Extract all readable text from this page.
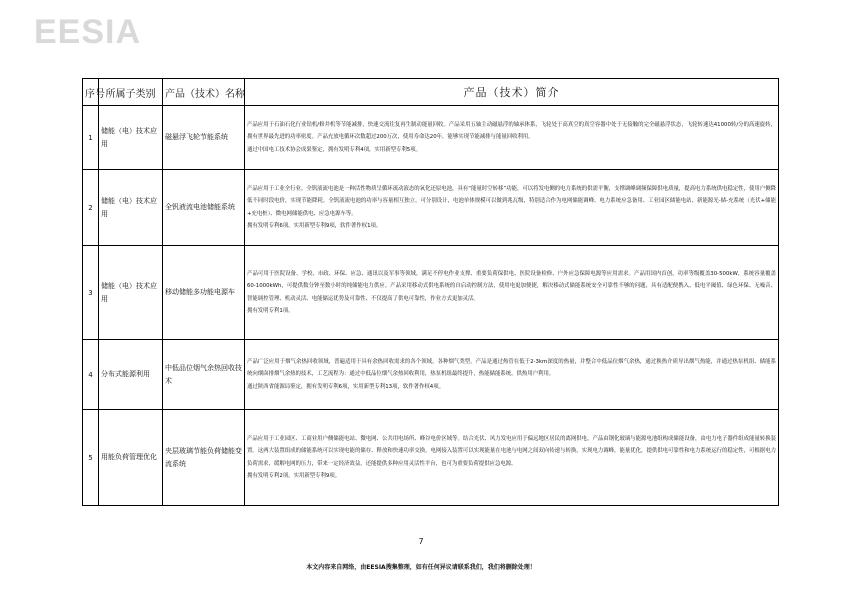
EESIA
序号	所属子类别	产品（技术）名称	产品（技术）简介
1	储能（电）技术应用	磁悬浮飞轮节能系统	产品应用于石油石化行业钻机/修井机等节能减排，快速交流往复再生制动能量回收。产品采用五轴主动磁悬浮的轴承体系，飞轮处于高真空的真空容器中处于无接触的完全磁悬浮状态，飞轮转速达41000转/分的高速旋转，拥有世界最先进的功率密度。产品充放电循环次数超过200万次，使用寿命达20年，能够实现节能减排与能量回收利用。

通过中国电工技术协会成果鉴定，拥有发明专利4项，实用新型专利5项。

2	储能（电）技术应用	全钒液流电池储能系统	产品应用于工业全行业。全钒液流电池是一种活性物质呈循环流动液态的氧化还原电池，具有“能量时空转移”功能，可以将发电侧的电力系统的供需平衡，支撑调峰调频保障供电质量，提高电力系统供电稳定性，使用户侧降低不同时段电价，实现节能降耗。全钒液流电池的功率与容量相互独立，可分别设计，电池单体规模可以做到兆瓦级，特别适合作为电网储能调峰、电力系统应急备用、工业园区储能电站、新能源光-储-充系统（光伏+储能+充电桩）、微电网储能供电、应急电源车等。

拥有发明专利6项，实用新型专利9项，软件著作权1项。

3	储能（电）技术应用	移动储能多功能电源车	产品可用于医院设备、学校、市政、环保、应急、通讯以及军事等领域，满足不停电作业支撑、重要负荷保供电、医院设备检修、户外应急保障电源等应用需求。产品用国内首创，功率等级覆盖30-500kW，系统容量覆盖60-1000kWh，可提供数分钟至数小时的纯储能电力供应。产品采用移动式供电系统的自启动控制方法，使用电更加便捷，解决移动式储能系统安全可靠性不够的问题，具有适配便携入、低电平阈值、绿色环保、无噪音、智能调控管理、机动灵活、电能储运优势及可靠性、不仅提高了供电可靠性，作业方式更加灵活。

拥有发明专利1项。

4	分布式能源利用	中低品位烟气余热回收技术	产品广泛应用于烟气余热回收领域，普遍适用于具有余热回收需求的各个领域，各种烟气类型。产品是通过热管在低于2-3km深度的热量，并整合中低品位烟气余热，通过换热介质导出烟气热能，并通过热泵机组、储能系统向烟囱排烟气余热的技术，工艺流程为：通过中低品位烟气余热回收利用，热泵机组最终提升，热能储能系统，供热用户利用。

通过陕西省能源局鉴定，拥有发明专利6项，实用新型专利13项，软件著作权4项。

5	用能负荷管理优化	夹层玻璃节能负荷储能变流系统	产品应用于工业园区、工商业用户侧储能电站、微电网、公共用电场所、峰谷电价区域等。结合光伏、风力发电应用于偏远地区居民的离网供电，产品由钢化玻璃与能源电池组构成储能设备，由电力电子器件组成能量转换装置。这两大装置组成的储能系统可以实现电能的储存、释放和快速功率交换，电网接入装置可以实现能量在电池与电网之间双向传递与转换，实现电力调峰，能量优化，提供供电可靠性和电力系统运行的稳定性，可根据电力负荷需求，缓解电网的压力，带来一定经济效益，还能提供多种应用灵活性平台，也可为重要负荷提供应急电源。

拥有发明专利2项，实用新型专利9项。

7
本文内容来自网络，由EESIA搜集整理，如有任何异议请联系我们，我们将删除处理！
